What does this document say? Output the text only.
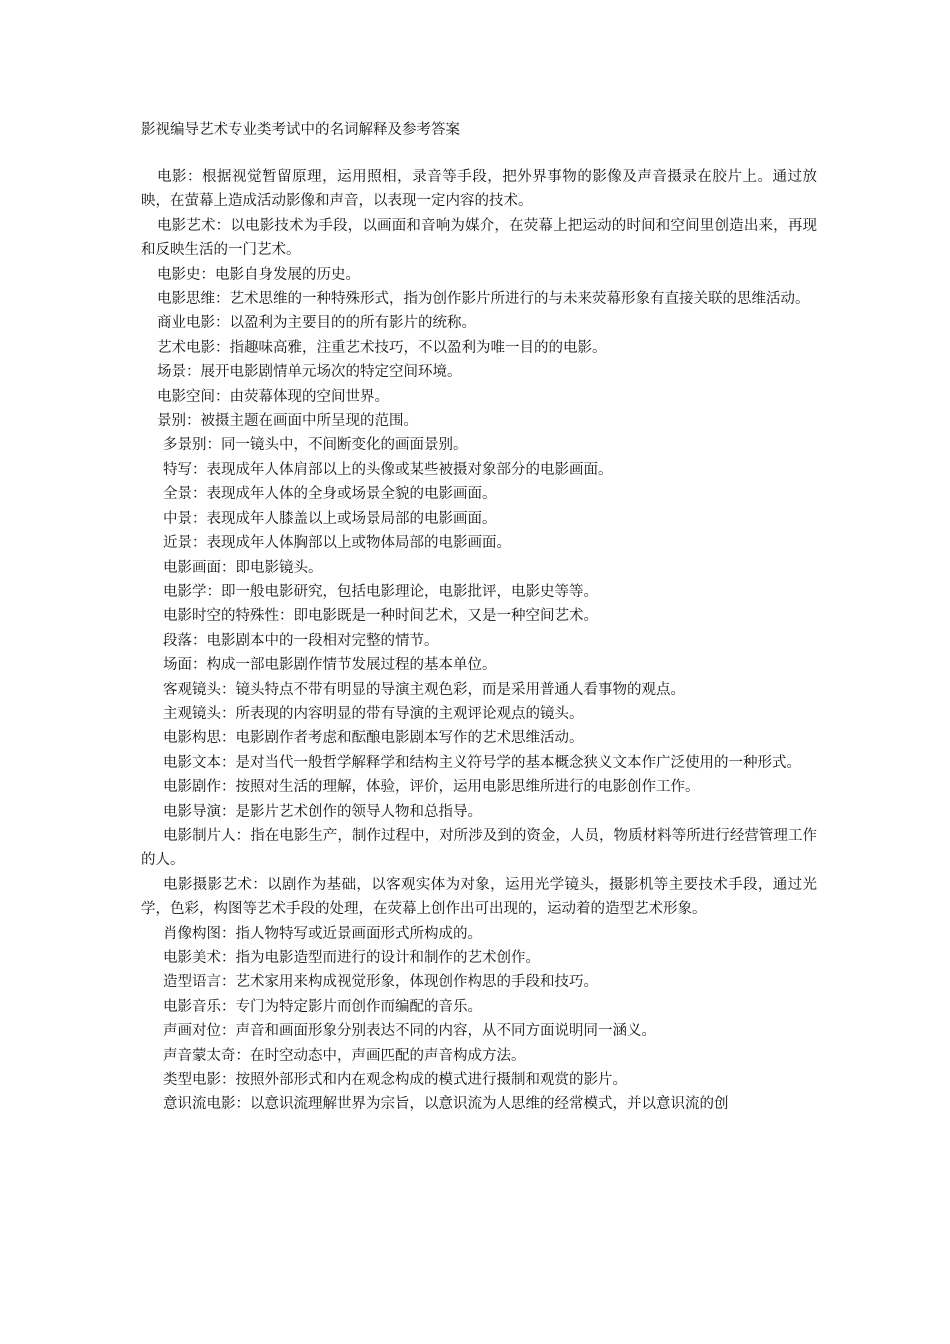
影视编导艺术专业类考试中的名词解释及参考答案

电影：根据视觉暂留原理，运用照相，录音等手段，把外界事物的影像及声音摄录在胶片上。通过放映，在萤幕上造成活动影像和声音，以表现一定内容的技术。

电影艺术：以电影技术为手段，以画面和音响为媒介，在荧幕上把运动的时间和空间里创造出来，再现和反映生活的一门艺术。

电影史：电影自身发展的历史。

电影思维：艺术思维的一种特殊形式，指为创作影片所进行的与未来荧幕形象有直接关联的思维活动。

商业电影：以盈利为主要目的的所有影片的统称。

艺术电影：指趣味高雅，注重艺术技巧，不以盈利为唯一目的的电影。

场景：展开电影剧情单元场次的特定空间环境。

电影空间：由荧幕体现的空间世界。

景别：被摄主题在画面中所呈现的范围。

多景别：同一镜头中，不间断变化的画面景别。

特写：表现成年人体肩部以上的头像或某些被摄对象部分的电影画面。

全景：表现成年人体的全身或场景全貌的电影画面。

中景：表现成年人膝盖以上或场景局部的电影画面。

近景：表现成年人体胸部以上或物体局部的电影画面。

电影画面：即电影镜头。

电影学：即一般电影研究，包括电影理论，电影批评，电影史等等。

电影时空的特殊性：即电影既是一种时间艺术，又是一种空间艺术。

段落：电影剧本中的一段相对完整的情节。

场面：构成一部电影剧作情节发展过程的基本单位。

客观镜头：镜头特点不带有明显的导演主观色彩，而是采用普通人看事物的观点。

主观镜头：所表现的内容明显的带有导演的主观评论观点的镜头。

电影构思：电影剧作者考虑和酝酿电影剧本写作的艺术思维活动。

电影文本：是对当代一般哲学解释学和结构主义符号学的基本概念狭义文本作广泛使用的一种形式。

电影剧作：按照对生活的理解，体验，评价，运用电影思维所进行的电影创作工作。

电影导演：是影片艺术创作的领导人物和总指导。

电影制片人：指在电影生产，制作过程中，对所涉及到的资金，人员，物质材料等所进行经营管理工作的人。

电影摄影艺术：以剧作为基础，以客观实体为对象，运用光学镜头，摄影机等主要技术手段，通过光学，色彩，构图等艺术手段的处理，在荧幕上创作出可出现的，运动着的造型艺术形象。

肖像构图：指人物特写或近景画面形式所构成的。

电影美术：指为电影造型而进行的设计和制作的艺术创作。

造型语言：艺术家用来构成视觉形象，体现创作构思的手段和技巧。

电影音乐：专门为特定影片而创作而编配的音乐。

声画对位：声音和画面形象分别表达不同的内容，从不同方面说明同一涵义。

声音蒙太奇：在时空动态中，声画匹配的声音构成方法。

类型电影：按照外部形式和内在观念构成的模式进行摄制和观赏的影片。

意识流电影：以意识流理解世界为宗旨，以意识流为人思维的经常模式，并以意识流的创
